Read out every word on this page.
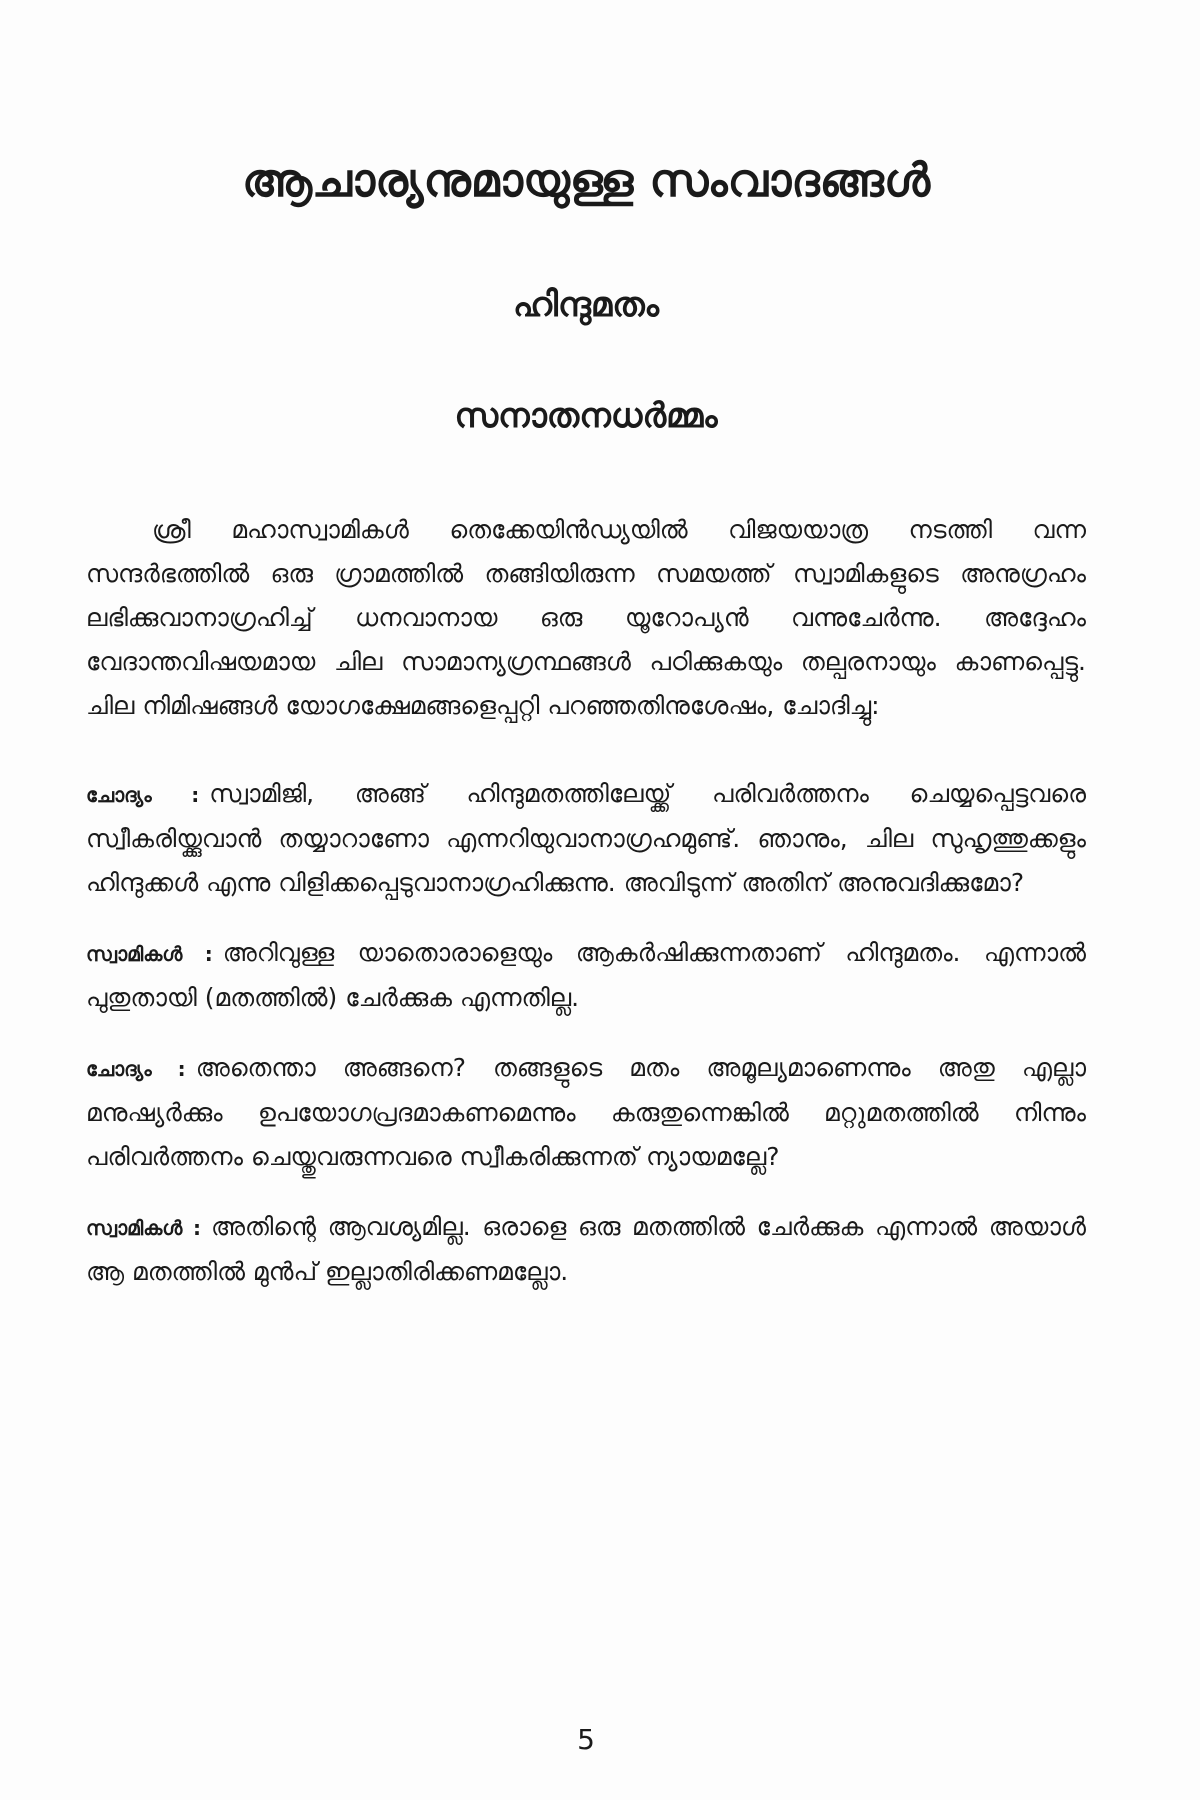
ആചാര്യനുമായുള്ള സംവാദങ്ങൾ
ഹിന്ദുമതം
സനാതനധർമ്മം

ശ്രീ മഹാസ്വാമികൾ തെക്കേയിൻഡ്യയിൽ വിജയയാത്ര നടത്തി വന്ന സന്ദർഭത്തിൽ ഒരു ഗ്രാമത്തിൽ തങ്ങിയിരുന്ന സമയത്ത് സ്വാമികളുടെ അനുഗ്രഹം ലഭിക്കുവാനാഗ്രഹിച്ച് ധനവാനായ ഒരു യൂറോപ്യൻ വന്നുചേർന്നു. അദ്ദേഹം വേദാന്തവിഷയമായ ചില സാമാന്യഗ്രന്ഥങ്ങൾ പഠിക്കുകയും തല്പരനായും കാണപ്പെട്ടു. ചില നിമിഷങ്ങൾ യോഗക്ഷേമങ്ങളെപ്പറ്റി പറഞ്ഞതിനുശേഷം, ചോദിച്ചു:

ചോദ്യം : സ്വാമിജി, അങ്ങ് ഹിന്ദുമതത്തിലേയ്ക്ക് പരിവർത്തനം ചെയ്യപ്പെട്ടവരെ സ്വീകരിയ്ക്കുവാൻ തയ്യാറാണോ എന്നറിയുവാനാഗ്രഹമുണ്ട്. ഞാനും, ചില സുഹൃത്തുക്കളും ഹിന്ദുക്കൾ എന്നു വിളിക്കപ്പെടുവാനാഗ്രഹിക്കുന്നു. അവിടുന്ന് അതിന് അനുവദിക്കുമോ?

സ്വാമികൾ : അറിവുള്ള യാതൊരാളെയും ആകർഷിക്കുന്നതാണ് ഹിന്ദുമതം. എന്നാൽ പുതുതായി (മതത്തിൽ) ചേർക്കുക എന്നതില്ല.

ചോദ്യം : അതെന്താ അങ്ങനെ? തങ്ങളുടെ മതം അമൂല്യമാണെന്നും അതു എല്ലാ മനുഷ്യർക്കും ഉപയോഗപ്രദമാകണമെന്നും കരുതുന്നെങ്കിൽ മറ്റുമതത്തിൽ നിന്നും പരിവർത്തനം ചെയ്തുവരുന്നവരെ സ്വീകരിക്കുന്നത് ന്യായമല്ലേ?

സ്വാമികൾ : അതിന്റെ ആവശ്യമില്ല. ഒരാളെ ഒരു മതത്തിൽ ചേർക്കുക എന്നാൽ അയാൾ ആ മതത്തിൽ മുൻപ് ഇല്ലാതിരിക്കണമല്ലോ.

5
